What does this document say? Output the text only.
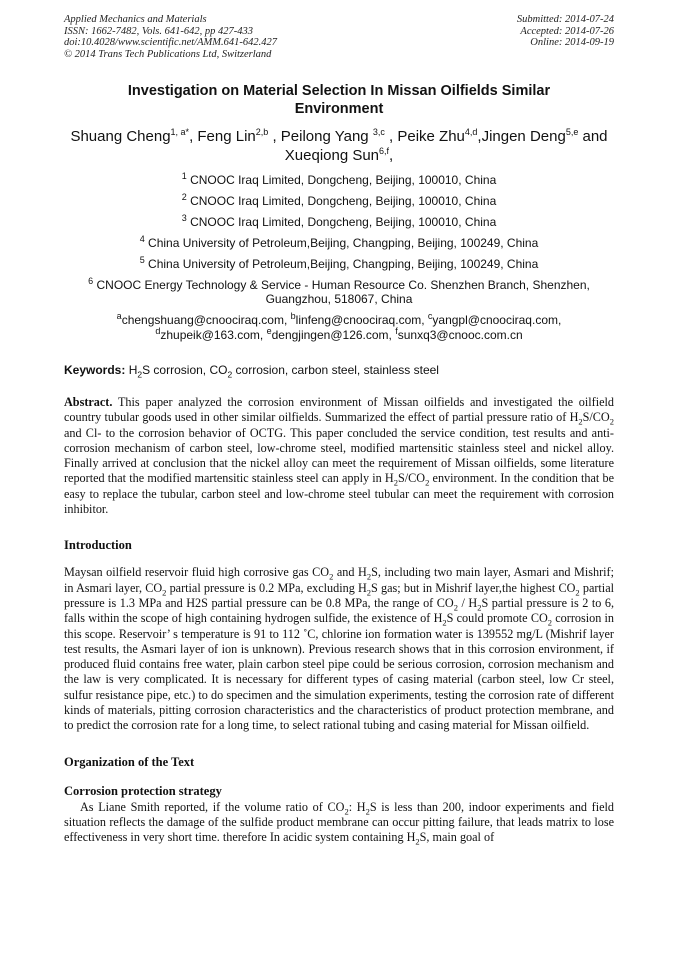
Applied Mechanics and Materials
ISSN: 1662-7482, Vols. 641-642, pp 427-433
doi:10.4028/www.scientific.net/AMM.641-642.427
© 2014 Trans Tech Publications Ltd, Switzerland
Submitted: 2014-07-24
Accepted: 2014-07-26
Online: 2014-09-19
Investigation on Material Selection In Missan Oilfields Similar Environment
Shuang Cheng$^{1, a*}$, Feng Lin$^{2,b}$ , Peilong Yang $^{3,c}$ , Peike Zhu$^{4,d}$,Jingen Deng$^{5,e}$ and Xueqiong Sun$^{6,f}$,
$^1$ CNOOC Iraq Limited, Dongcheng, Beijing, 100010, China
$^2$ CNOOC Iraq Limited, Dongcheng, Beijing, 100010, China
$^3$ CNOOC Iraq Limited, Dongcheng, Beijing, 100010, China
$^4$ China University of Petroleum,Beijing, Changping, Beijing, 100249, China
$^5$ China University of Petroleum,Beijing, Changping, Beijing, 100249, China
$^6$ CNOOC Energy Technology & Service - Human Resource Co. Shenzhen Branch, Shenzhen, Guangzhou, 518067, China
$^a$chengshuang@cnoociraq.com, $^b$linfeng@cnoociraq.com, $^c$yangpl@cnoociraq.com, $^d$zhupeik@163.com, $^e$dengjingen@126.com, $^f$sunxq3@cnooc.com.cn
Keywords: $H_2S$ corrosion, $CO_2$ corrosion, carbon steel, stainless steel

Abstract. This paper analyzed the corrosion environment of Missan oilfields and investigated the oilfield country tubular goods used in other similar oilfields. Summarized the effect of partial pressure ratio of $H_2S/CO_2$ and Cl- to the corrosion behavior of OCTG. This paper concluded the service condition, test results and anti-corrosion mechanism of carbon steel, low-chrome steel, modified martensitic stainless steel and nickel alloy. Finally arrived at conclusion that the nickel alloy can meet the requirement of Missan oilfields, some literature reported that the modified martensitic stainless steel can apply in $H_2S/CO_2$ environment. In the condition that be easy to replace the tubular, carbon steel and low-chrome steel tubular can meet the requirement with corrosion inhibitor.

Introduction

Maysan oilfield reservoir fluid high corrosive gas $CO_2$ and $H_2S$, including two main layer, Asmari and Mishrif; in Asmari layer, $CO_2$ partial pressure is 0.2 MPa, excluding $H_2S$ gas; but in Mishrif layer,the highest $CO_2$ partial pressure is 1.3 MPa and H2S partial pressure can be 0.8 MPa, the range of $CO_2 / H_2S$ partial pressure is 2 to 6, falls within the scope of high containing hydrogen sulfide, the existence of $H_2S$ could promote $CO_2$ corrosion in this scope. Reservoir’ s temperature is 91 to 112 ˚C, chlorine ion formation water is 139552 mg/L (Mishrif layer test results, the Asmari layer of ion is unknown). Previous research shows that in this corrosion environment, if produced fluid contains free water, plain carbon steel pipe could be serious corrosion, corrosion mechanism and the law is very complicated. It is necessary for different types of casing material (carbon steel, low Cr steel, sulfur resistance pipe, etc.) to do specimen and the simulation experiments, testing the corrosion rate of different kinds of materials, pitting corrosion characteristics and the characteristics of product protection membrane, and to predict the corrosion rate for a long time, to select rational tubing and casing material for Missan oilfield.

Organization of the Text
Corrosion protection strategy

As Liane Smith reported, if the volume ratio of $CO_2$: $H_2S$ is less than 200, indoor experiments and field situation reflects the damage of the sulfide product membrane can occur pitting failure, that leads matrix to lose effectiveness in very short time. therefore In acidic system containing $H_2S$, main goal of
